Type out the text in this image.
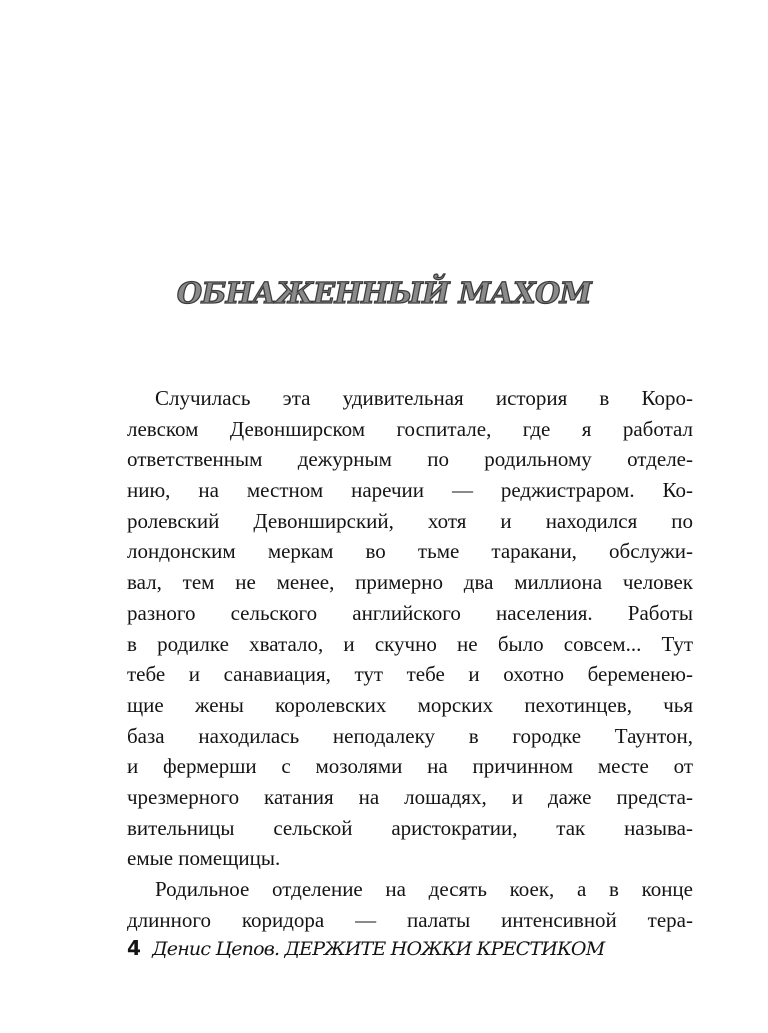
ОБНАЖЕННЫЙ МАХОМ
Случилась эта удивительная история в Коро-
левском Девонширском госпитале, где я работал
ответственным дежурным по родильному отделе-
нию, на местном наречии — реджистраром. Ко-
ролевский Девонширский, хотя и находился по
лондонским меркам во тьме таракани, обслужи-
вал, тем не менее, примерно два миллиона человек
разного сельского английского населения. Работы
в родилке хватало, и скучно не было совсем... Тут
тебе и санавиация, тут тебе и охотно беременею-
щие жены королевских морских пехотинцев, чья
база находилась неподалеку в городке Таунтон,
и фермерши с мозолями на причинном месте от
чрезмерного катания на лошадях, и даже предста-
вительницы сельской аристократии, так называ-
емые помещицы.
Родильное отделение на десять коек, а в конце
длинного коридора — палаты интенсивной тера-
4 Денис Цепов. ДЕРЖИТЕ НОЖКИ КРЕСТИКОМ
